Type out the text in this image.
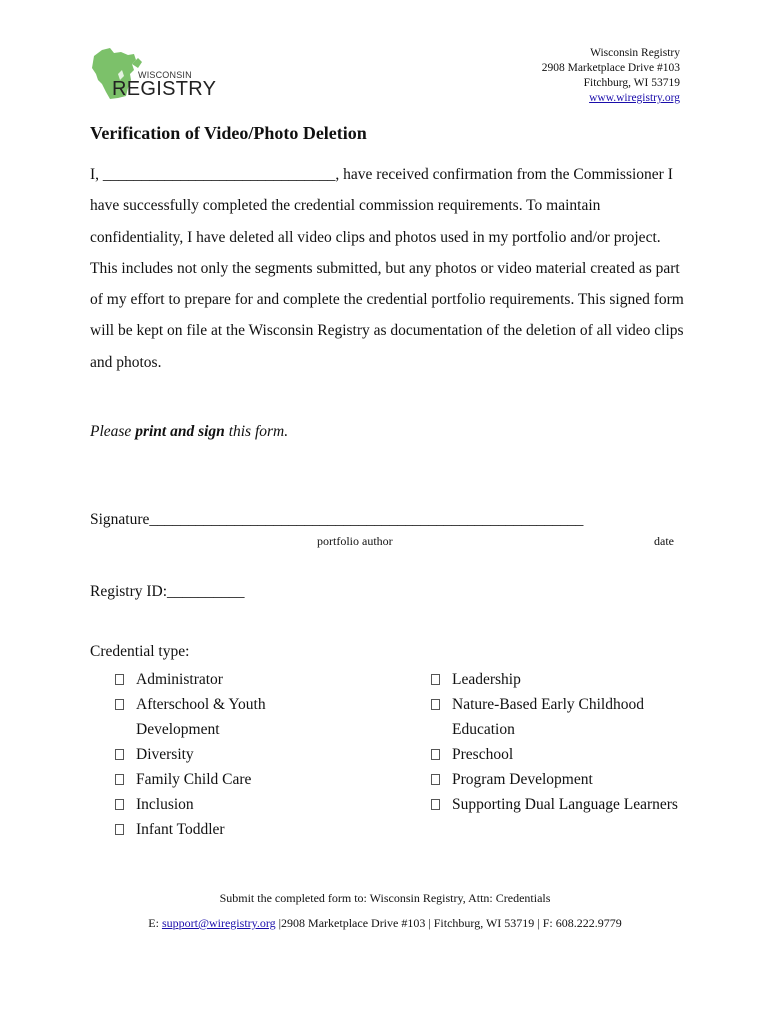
WISCONSIN
REGISTRY
Wisconsin Registry
2908 Marketplace Drive #103
Fitchburg, WI 53719
www.wiregistry.org
Verification of Video/Photo Deletion

I, ______________________________, have received confirmation from the Commissioner I have successfully completed the credential commission requirements. To maintain confidentiality, I have deleted all video clips and photos used in my portfolio and/or project. This includes not only the segments submitted, but any photos or video material created as part of my effort to prepare for and complete the credential portfolio requirements. This signed form will be kept on file at the Wisconsin Registry as documentation of the deletion of all video clips and photos.

Please print and sign this form.
Signature________________________________________________________
portfolio author	date
Registry ID:__________
Credential type:
Administrator
Afterschool & Youth Development
Diversity
Family Child Care
Inclusion
Infant Toddler
Leadership
Nature-Based Early Childhood Education
Preschool
Program Development
Supporting Dual Language Learners
Submit the completed form to: Wisconsin Registry, Attn: Credentials
E: support@wiregistry.org |2908 Marketplace Drive #103 | Fitchburg, WI 53719 | F: 608.222.9779
